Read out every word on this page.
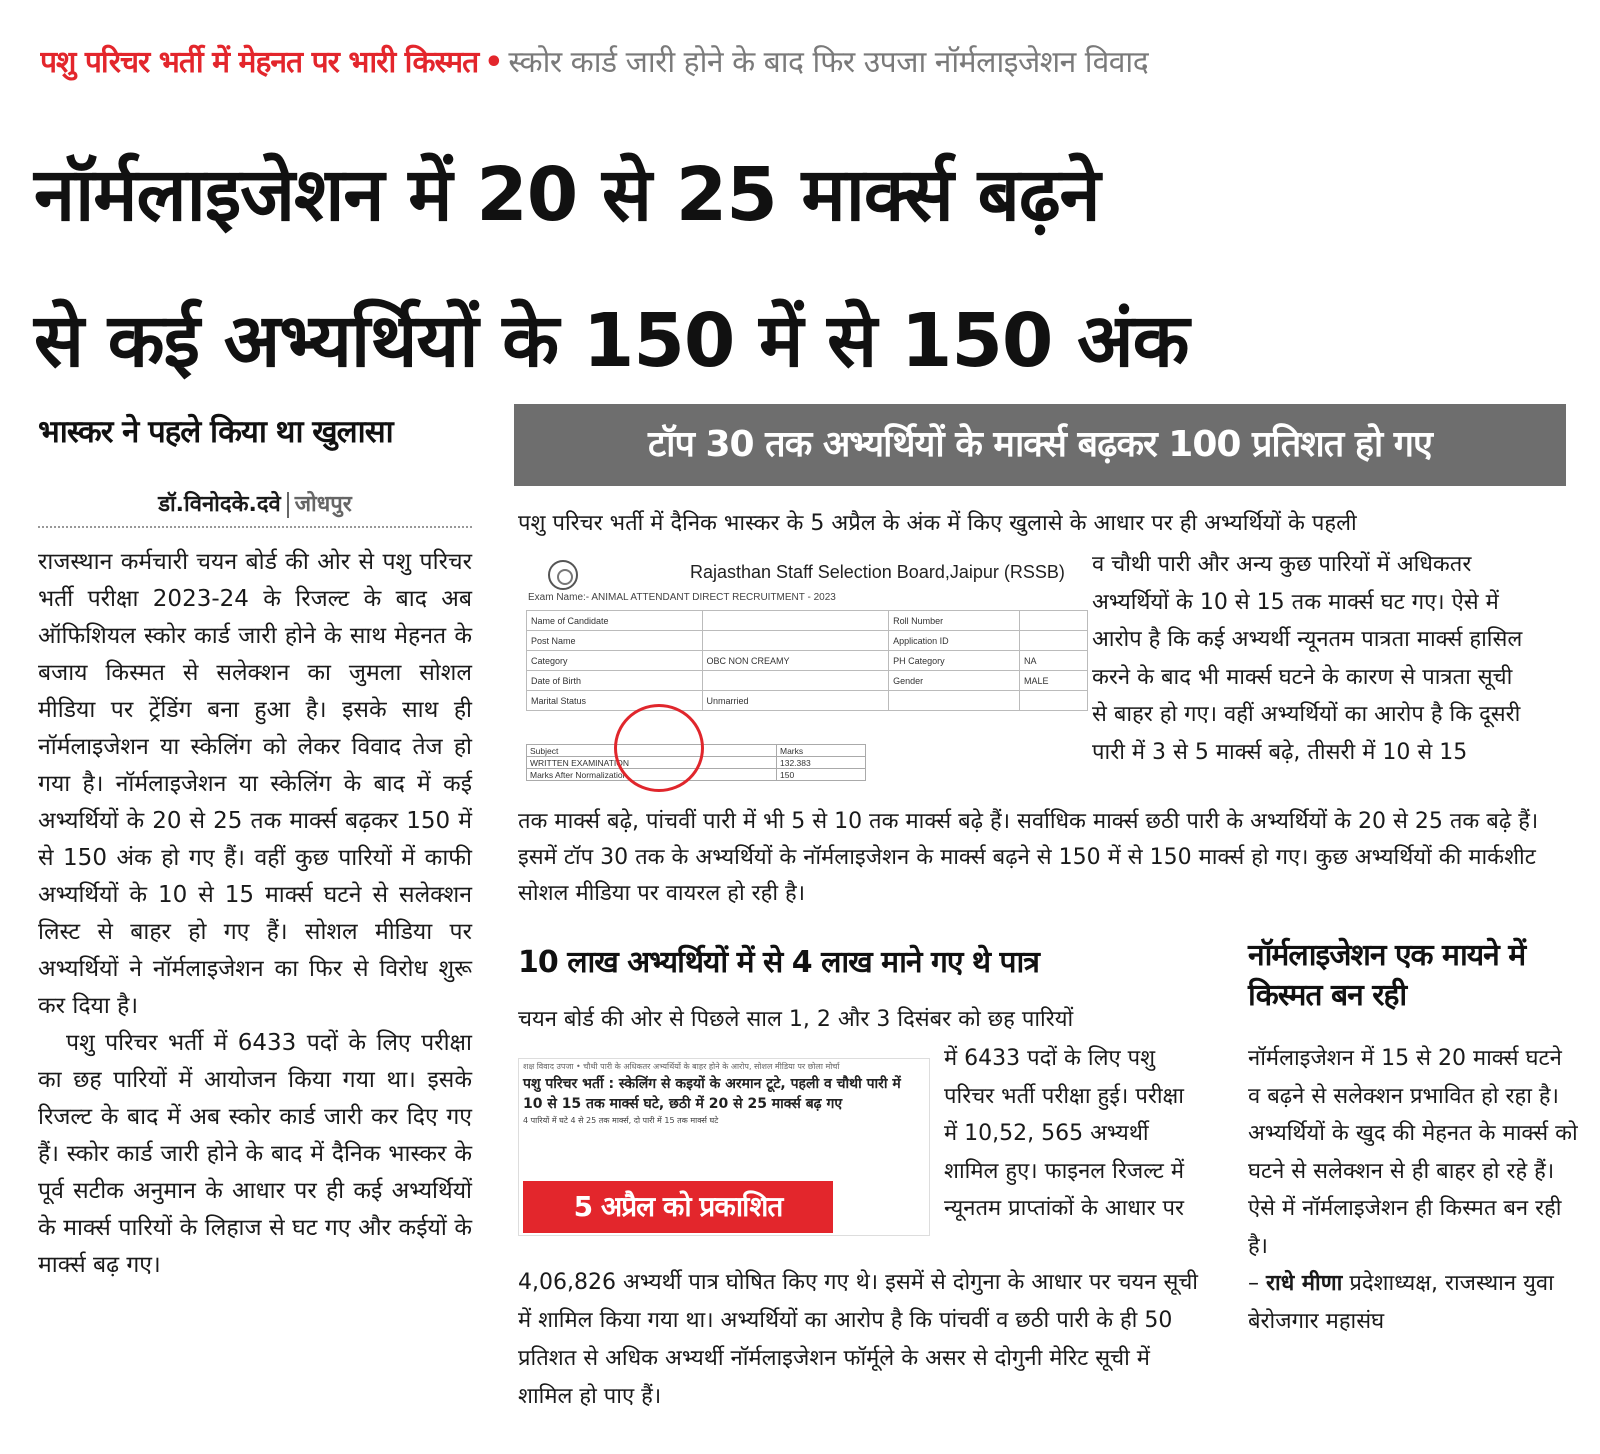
पशु परिचर भर्ती में मेहनत पर भारी किस्मत • स्कोर कार्ड जारी होने के बाद फिर उपजा नॉर्मलाइजेशन विवाद
नॉर्मलाइजेशन में 20 से 25 मार्क्स बढ़ने
से कई अभ्यर्थियों के 150 में से 150 अंक
भास्कर ने पहले किया था खुलासा
डॉ.विनोदके.दवे जोधपुर

राजस्थान कर्मचारी चयन बोर्ड की ओर से पशु परिचर भर्ती परीक्षा 2023-24 के रिजल्ट के बाद अब ऑफिशियल स्कोर कार्ड जारी होने के साथ मेहनत के बजाय किस्मत से सलेक्शन का जुमला सोशल मीडिया पर ट्रेंडिंग बना हुआ है। इसके साथ ही नॉर्मलाइजेशन या स्केलिंग को लेकर विवाद तेज हो गया है। नॉर्मलाइजेशन या स्केलिंग के बाद में कई अभ्यर्थियों के 20 से 25 तक मार्क्स बढ़कर 150 में से 150 अंक हो गए हैं। वहीं कुछ पारियों में काफी अभ्यर्थियों के 10 से 15 मार्क्स घटने से सलेक्शन लिस्ट से बाहर हो गए हैं। सोशल मीडिया पर अभ्यर्थियों ने नॉर्मलाइजेशन का फिर से विरोध शुरू कर दिया है।

पशु परिचर भर्ती में 6433 पदों के लिए परीक्षा का छह पारियों में आयोजन किया गया था। इसके रिजल्ट के बाद में अब स्कोर कार्ड जारी कर दिए गए हैं। स्कोर कार्ड जारी होने के बाद में दैनिक भास्कर के पूर्व सटीक अनुमान के आधार पर ही कई अभ्यर्थियों के मार्क्स पारियों के लिहाज से घट गए और कईयों के मार्क्स बढ़ गए।

टॉप 30 तक अभ्यर्थियों के मार्क्स बढ़कर 100 प्रतिशत हो गए
पशु परिचर भर्ती में दैनिक भास्कर के 5 अप्रैल के अंक में किए खुलासे के आधार पर ही अभ्यर्थियों के पहली
Rajasthan Staff Selection Board,Jaipur (RSSB)
Exam Name:- ANIMAL ATTENDANT DIRECT RECRUITMENT - 2023
Name of Candidate		Roll Number	
Post Name		Application ID	
Category	OBC NON CREAMY	PH Category	NA
Date of Birth		Gender	MALE
Marital Status	Unmarried		
Subject	Marks
WRITTEN EXAMINATION	132.383
Marks After Normalization	150
व चौथी पारी और अन्य कुछ पारियों में अधिकतर अभ्यर्थियों के 10 से 15 तक मार्क्स घट गए। ऐसे में आरोप है कि कई अभ्यर्थी न्यूनतम पात्रता मार्क्स हासिल करने के बाद भी मार्क्स घटने के कारण से पात्रता सूची से बाहर हो गए। वहीं अभ्यर्थियों का आरोप है कि दूसरी पारी में 3 से 5 मार्क्स बढ़े, तीसरी में 10 से 15
तक मार्क्स बढ़े, पांचवीं पारी में भी 5 से 10 तक मार्क्स बढ़े हैं। सर्वाधिक मार्क्स छठी पारी के अभ्यर्थियों के 20 से 25 तक बढ़े हैं। इसमें टॉप 30 तक के अभ्यर्थियों के नॉर्मलाइजेशन के मार्क्स बढ़ने से 150 में से 150 मार्क्स हो गए। कुछ अभ्यर्थियों की मार्कशीट सोशल मीडिया पर वायरल हो रही है।
10 लाख अभ्यर्थियों में से 4 लाख माने गए थे पात्र
चयन बोर्ड की ओर से पिछले साल 1, 2 और 3 दिसंबर को छह पारियों
शक्ष विवाद उपजा • चौथी पारी के अधिकतर अभ्यर्थियों के बाहर होने के आरोप, सोशल मीडिया पर छोला मोर्चा
पशु परिचर भर्ती : स्केलिंग से कइयों के अरमान टूटे, पहली व चौथी पारी में 10 से 15 तक मार्क्स घटे, छठी में 20 से 25 मार्क्स बढ़ गए
4 पारियों में घटे 4 से 25 तक मार्क्स, दो पारी में 15 तक मार्क्स घटे
5 अप्रैल को प्रकाशित
में 6433 पदों के लिए पशु परिचर भर्ती परीक्षा हुई। परीक्षा में 10,52, 565 अभ्यर्थी शामिल हुए। फाइनल रिजल्ट में न्यूनतम प्राप्तांकों के आधार पर
4,06,826 अभ्यर्थी पात्र घोषित किए गए थे। इसमें से दोगुना के आधार पर चयन सूची में शामिल किया गया था। अभ्यर्थियों का आरोप है कि पांचवीं व छठी पारी के ही 50 प्रतिशत से अधिक अभ्यर्थी नॉर्मलाइजेशन फॉर्मूले के असर से दोगुनी मेरिट सूची में शामिल हो पाए हैं।
नॉर्मलाइजेशन एक मायने में किस्मत बन रही
नॉर्मलाइजेशन में 15 से 20 मार्क्स घटने व बढ़ने से सलेक्शन प्रभावित हो रहा है। अभ्यर्थियों के खुद की मेहनत के मार्क्स को घटने से सलेक्शन से ही बाहर हो रहे हैं। ऐसे में नॉर्मलाइजेशन ही किस्मत बन रही है।
– राधे मीणा प्रदेशाध्यक्ष, राजस्थान युवा बेरोजगार महासंघ
